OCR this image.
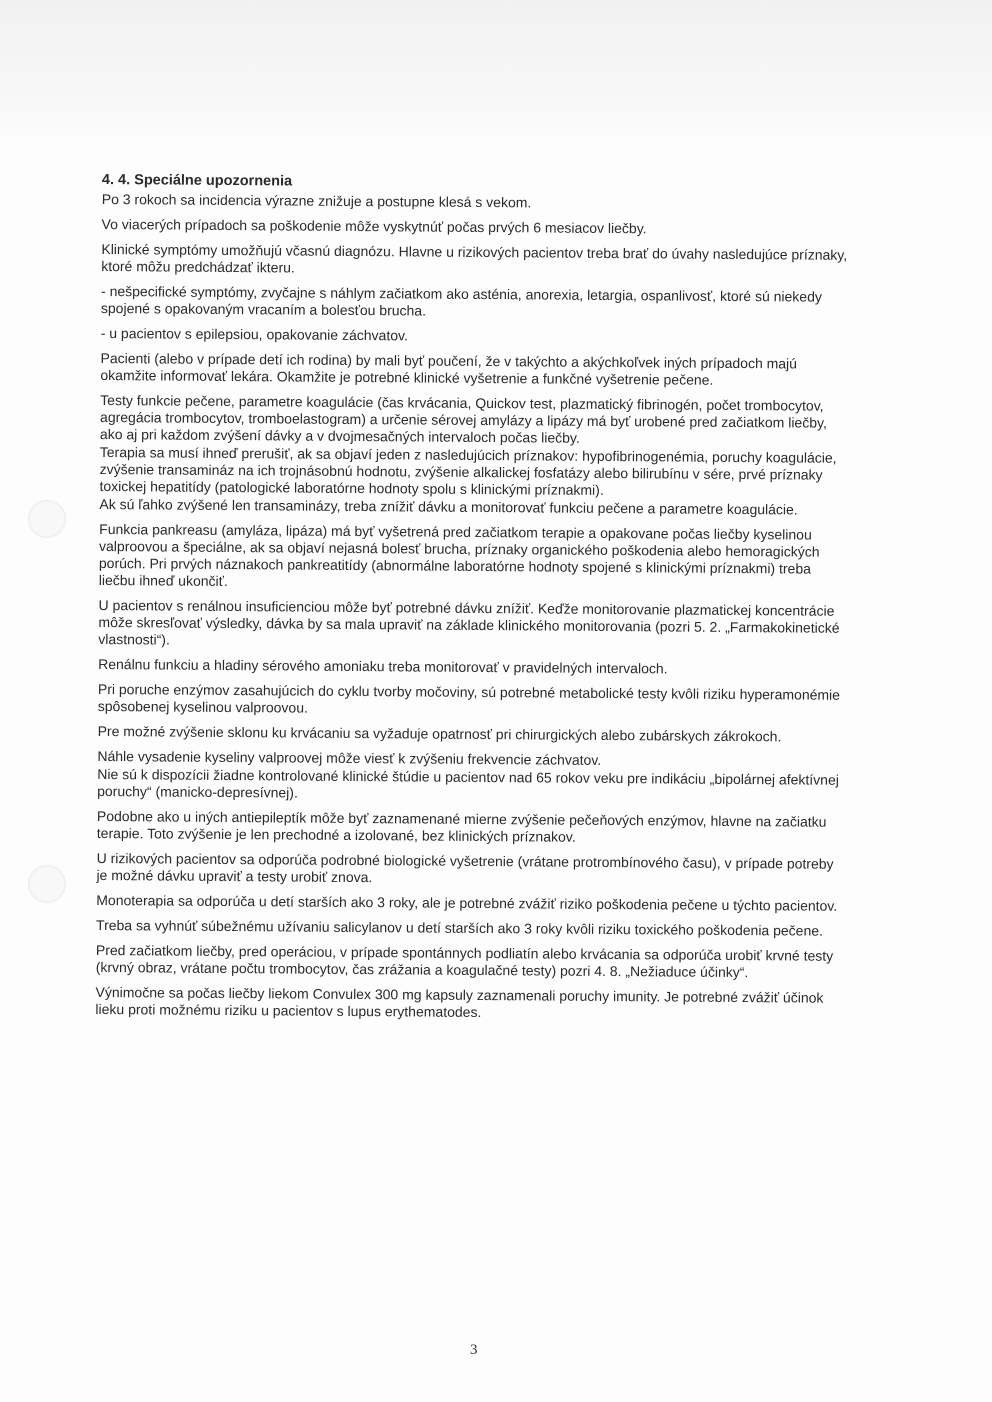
4. 4. Speciálne upozornenia

Po 3 rokoch sa incidencia výrazne znižuje a postupne klesá s vekom.

Vo viacerých prípadoch sa poškodenie môže vyskytnúť počas prvých 6 mesiacov liečby.

Klinické symptómy umožňujú včasnú diagnózu. Hlavne u rizikových pacientov treba brať do úvahy nasledujúce príznaky, ktoré môžu predchádzať ikteru.

- nešpecifické symptómy, zvyčajne s náhlym začiatkom ako asténia, anorexia, letargia, ospanlivosť, ktoré sú niekedy spojené s opakovaným vracaním a bolesťou brucha.

- u pacientov s epilepsiou, opakovanie záchvatov.

Pacienti (alebo v prípade detí ich rodina) by mali byť poučení, že v takýchto a akýchkoľvek iných prípadoch majú okamžite informovať lekára. Okamžite je potrebné klinické vyšetrenie a funkčné vyšetrenie pečene.

Testy funkcie pečene, parametre koagulácie (čas krvácania, Quickov test, plazmatický fibrinogén, počet trombocytov, agregácia trombocytov, tromboelastogram) a určenie sérovej amylázy a lipázy má byť urobené pred začiatkom liečby, ako aj pri každom zvýšení dávky a v dvojmesačných intervaloch počas liečby.

Terapia sa musí ihneď prerušiť, ak sa objaví jeden z nasledujúcich príznakov: hypofibrinogenémia, poruchy koagulácie, zvýšenie transamináz na ich trojnásobnú hodnotu, zvýšenie alkalickej fosfatázy alebo bilirubínu v sére, prvé príznaky toxickej hepatitídy (patologické laboratórne hodnoty spolu s klinickými príznakmi).

Ak sú ľahko zvýšené len transaminázy, treba znížiť dávku a monitorovať funkciu pečene a parametre koagulácie.

Funkcia pankreasu (amyláza, lipáza) má byť vyšetrená pred začiatkom terapie a opakovane počas liečby kyselinou valproovou a špeciálne, ak sa objaví nejasná bolesť brucha, príznaky organického poškodenia alebo hemoragických porúch. Pri prvých náznakoch pankreatitídy (abnormálne laboratórne hodnoty spojené s klinickými príznakmi) treba liečbu ihneď ukončiť.

U pacientov s renálnou insuficienciou môže byť potrebné dávku znížiť. Keďže monitorovanie plazmatickej koncentrácie môže skresľovať výsledky, dávka by sa mala upraviť na základe klinického monitorovania (pozri 5. 2. „Farmakokinetické vlastnosti“).

Renálnu funkciu a hladiny sérového amoniaku treba monitorovať v pravidelných intervaloch.

Pri poruche enzýmov zasahujúcich do cyklu tvorby močoviny, sú potrebné metabolické testy kvôli riziku hyperamonémie spôsobenej kyselinou valproovou.

Pre možné zvýšenie sklonu ku krvácaniu sa vyžaduje opatrnosť pri chirurgických alebo zubárskych zákrokoch.

Náhle vysadenie kyseliny valproovej môže viesť k zvýšeniu frekvencie záchvatov.

Nie sú k dispozícii žiadne kontrolované klinické štúdie u pacientov nad 65 rokov veku pre indikáciu „bipolárnej afektívnej poruchy“ (manicko-depresívnej).

Podobne ako u iných antiepileptík môže byť zaznamenané mierne zvýšenie pečeňových enzýmov, hlavne na začiatku terapie. Toto zvýšenie je len prechodné a izolované, bez klinických príznakov.

U rizikových pacientov sa odporúča podrobné biologické vyšetrenie (vrátane protrombínového času), v prípade potreby je možné dávku upraviť a testy urobiť znova.

Monoterapia sa odporúča u detí starších ako 3 roky, ale je potrebné zvážiť riziko poškodenia pečene u týchto pacientov.

Treba sa vyhnúť súbežnému užívaniu salicylanov u detí starších ako 3 roky kvôli riziku toxického poškodenia pečene.

Pred začiatkom liečby, pred operáciou, v prípade spontánnych podliatín alebo krvácania sa odporúča urobiť krvné testy (krvný obraz, vrátane počtu trombocytov, čas zrážania a koagulačné testy) pozri 4. 8. „Nežiaduce účinky“.

Výnimočne sa počas liečby liekom Convulex 300 mg kapsuly zaznamenali poruchy imunity. Je potrebné zvážiť účinok lieku proti možnému riziku u pacientov s lupus erythematodes.

3
